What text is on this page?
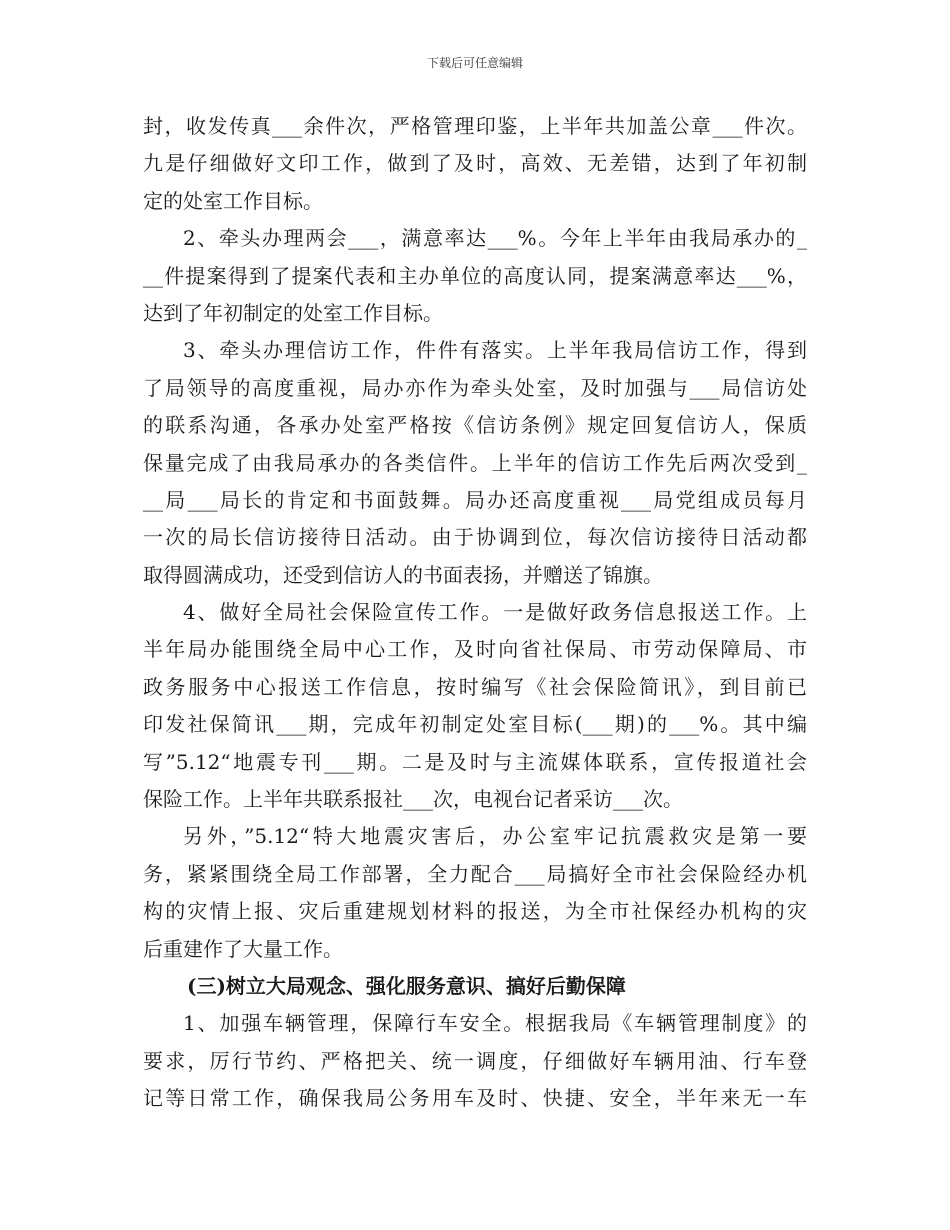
下载后可任意编辑
封，收发传真___余件次，严格管理印鉴，上半年共加盖公章___件次。
九是仔细做好文印工作，做到了及时，高效、无差错，达到了年初制
定的处室工作目标。
2、牵头办理两会___，满意率达___%。今年上半年由我局承办的_
__件提案得到了提案代表和主办单位的高度认同，提案满意率达___%，
达到了年初制定的处室工作目标。
3、牵头办理信访工作，件件有落实。上半年我局信访工作，得到
了局领导的高度重视，局办亦作为牵头处室，及时加强与___局信访处
的联系沟通，各承办处室严格按《信访条例》规定回复信访人，保质
保量完成了由我局承办的各类信件。上半年的信访工作先后两次受到_
__局___局长的肯定和书面鼓舞。局办还高度重视___局党组成员每月
一次的局长信访接待日活动。由于协调到位，每次信访接待日活动都
取得圆满成功，还受到信访人的书面表扬，并赠送了锦旗。
4、做好全局社会保险宣传工作。一是做好政务信息报送工作。上
半年局办能围绕全局中心工作，及时向省社保局、市劳动保障局、市
政务服务中心报送工作信息，按时编写《社会保险简讯》，到目前已
印发社保简讯___期，完成年初制定处室目标(___期)的___%。其中编
写”5.12“地震专刊___期。二是及时与主流媒体联系，宣传报道社会
保险工作。上半年共联系报社___次，电视台记者采访___次。
另外，”5.12“特大地震灾害后，办公室牢记抗震救灾是第一要
务，紧紧围绕全局工作部署，全力配合___局搞好全市社会保险经办机
构的灾情上报、灾后重建规划材料的报送，为全市社保经办机构的灾
后重建作了大量工作。
(三)树立大局观念、强化服务意识、搞好后勤保障
1、加强车辆管理，保障行车安全。根据我局《车辆管理制度》的
要求，厉行节约、严格把关、统一调度，仔细做好车辆用油、行车登
记等日常工作，确保我局公务用车及时、快捷、安全，半年来无一车
